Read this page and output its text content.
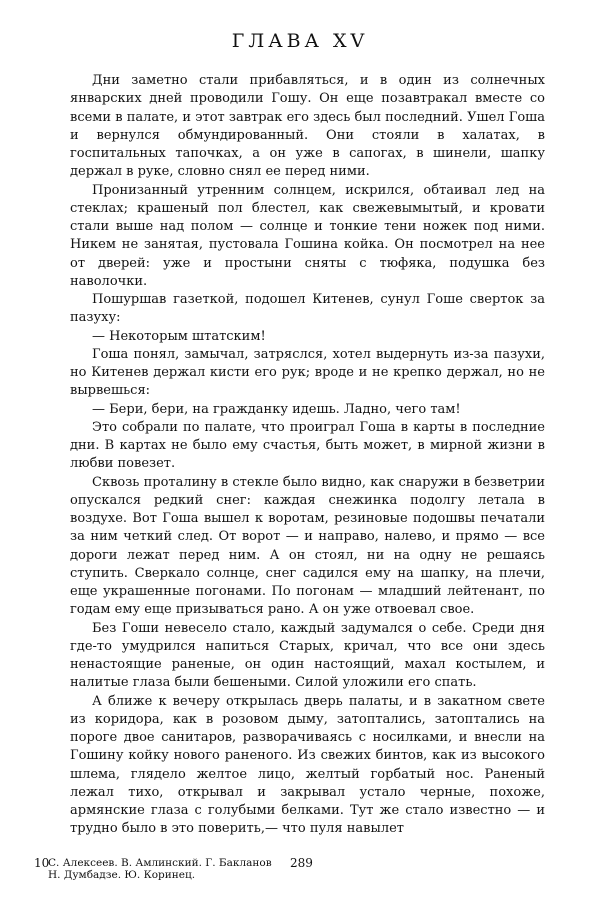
ГЛАВА XV

Дни заметно стали прибавляться, и в один из солнечных январских дней проводили Гошу. Он еще позавтракал вместе со всеми в палате, и этот завтрак его здесь был последний. Ушел Гоша и вернулся обмундированный. Они стояли в халатах, в госпитальных тапочках, а он уже в сапогах, в шинели, шапку держал в руке, словно снял ее перед ними.

Пронизанный утренним солнцем, искрился, обтаивал лед на стеклах; крашеный пол блестел, как свежевымытый, и кровати стали выше над полом — солнце и тонкие тени ножек под ними. Никем не занятая, пустовала Гошина койка. Он посмотрел на нее от дверей: уже и простыни сняты с тюфяка, подушка без наволочки.

Пошуршав газеткой, подошел Китенев, сунул Гоше сверток за пазуху:

— Некоторым штатским!

Гоша понял, замычал, затряслся, хотел выдернуть из-за пазухи, но Китенев держал кисти его рук; вроде и не крепко держал, но не вырвешься:

— Бери, бери, на гражданку идешь. Ладно, чего там!

Это собрали по палате, что проиграл Гоша в карты в последние дни. В картах не было ему счастья, быть может, в мирной жизни в любви повезет.

Сквозь проталину в стекле было видно, как снаружи в безветрии опускался редкий снег: каждая снежинка подолгу летала в воздухе. Вот Гоша вышел к воротам, резиновые подошвы печатали за ним четкий след. От ворот — и направо, налево, и прямо — все дороги лежат перед ним. А он стоял, ни на одну не решаясь ступить. Сверкало солнце, снег садился ему на шапку, на плечи, еще украшенные погонами. По погонам — младший лейтенант, по годам ему еще призываться рано. А он уже отвоевал свое.

Без Гоши невесело стало, каждый задумался о себе. Среди дня где-то умудрился напиться Старых, кричал, что все они здесь ненастоящие раненые, он один настоящий, махал костылем, и налитые глаза были бешеными. Силой уложили его спать.

А ближе к вечеру открылась дверь палаты, и в закатном свете из коридора, как в розовом дыму, затоптались, затоптались на пороге двое санитаров, разворачиваясь с носилками, и внесли на Гошину койку нового раненого. Из свежих бинтов, как из высокого шлема, глядело желтое лицо, желтый горбатый нос. Раненый лежал тихо, открывал и закрывал устало черные, похоже, армянские глаза с голубыми белками. Тут же стало известно — и трудно было в это поверить,— что пуля навылет

10
С. Алексеев. В. Амлинский. Г. Бакланов
Н. Думбадзе. Ю. Коринец.
289
